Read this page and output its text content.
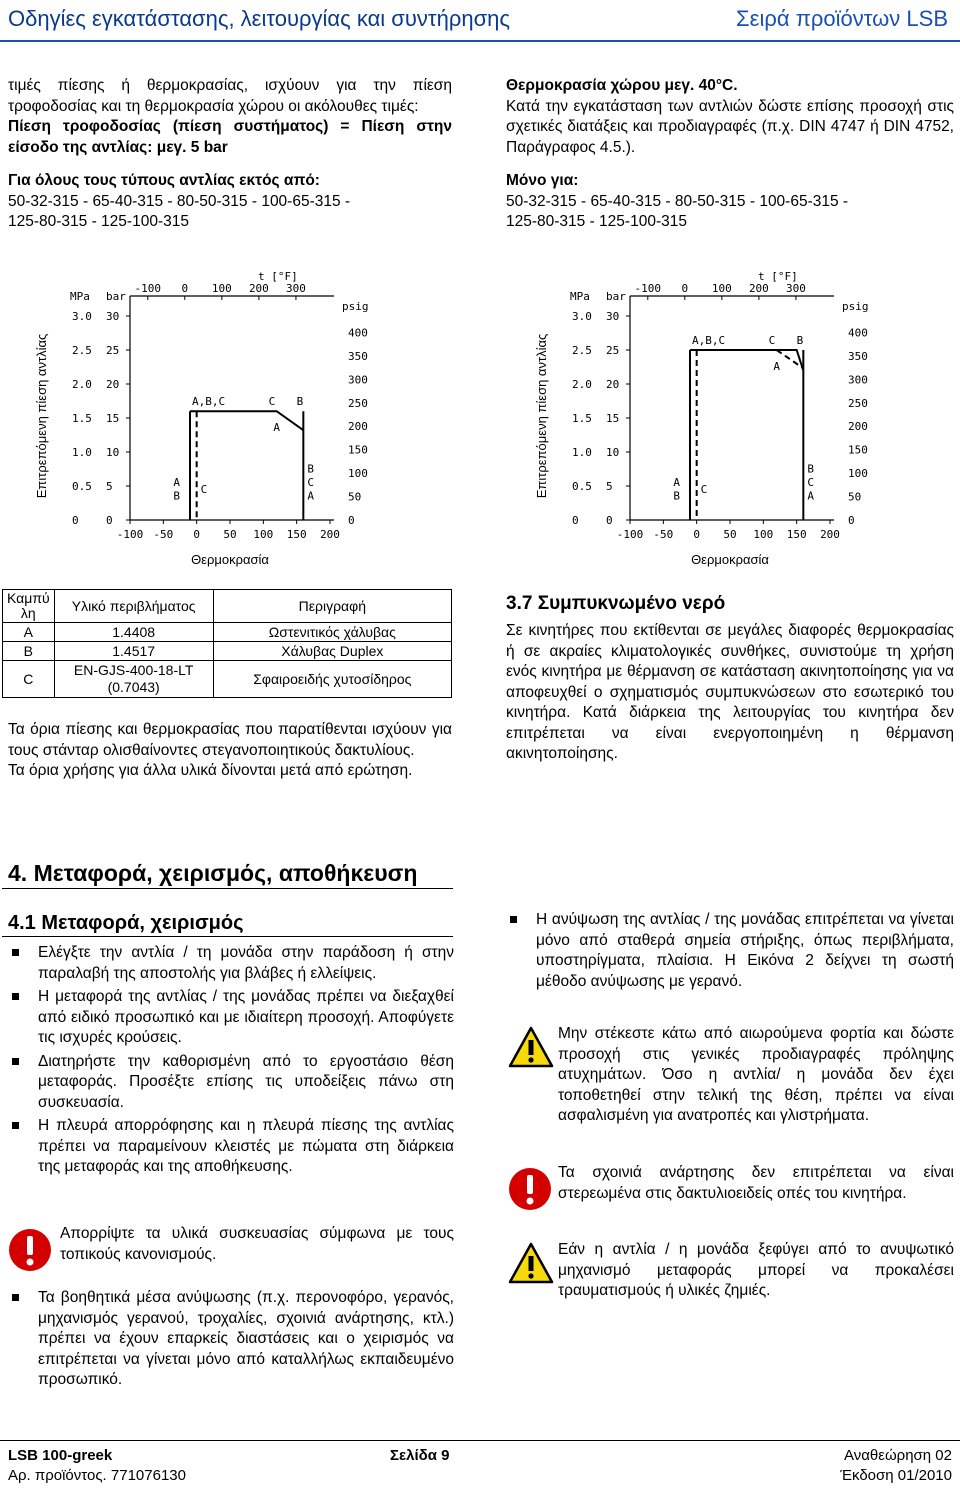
Οδηγίες εγκατάστασης, λειτουργίας και συντήρησης	Σειρά προϊόντων LSB

τιμές πίεσης ή θερμοκρασίας, ισχύουν για την πίεση τροφοδοσίας και τη θερμοκρασία χώρου οι ακόλουθες τιμές:

Πίεση τροφοδοσίας (πίεση συστήματος) = Πίεση στην είσοδο της αντλίας: μεγ. 5 bar

Για όλους τους τύπους αντλίας εκτός από:

50-32-315 - 65-40-315 - 80-50-315 - 100-65-315 -

125-80-315 - 125-100-315

Θερμοκρασία χώρου μεγ. 40°C.

Κατά την εγκατάσταση των αντλιών δώστε επίσης προσοχή στις σχετικές διατάξεις και προδιαγραφές (π.χ. DIN 4747 ή DIN 4752, Παράγραφος 4.5.).

Μόνο για:

50-32-315 - 65-40-315 - 80-50-315 - 100-65-315 -

125-80-315 - 125-100-315

Επιτρεπόμενη πίεση αντλίας
MPa bar
psig
t [°F]
0 0
0.5 5
1.0 10
1.5 15
2.0 20
2.5 25
3.0 30
0
50
100
150
200
250
300
350
400
-100 -50 0 50 100 150 200
-100 0 100 200 300
Θερμοκρασία
A,B,C	C B
A
A
B
C
B
C
A	Επιτρεπόμενη πίεση αντλίας
MPa bar
psig
t [°F]
0 0
0.5 5
1.0 10
1.5 15
2.0 20
2.5 25
3.0 30
0
50
100
150
200
250
300
350
400
-100 -50 0 50 100 150 200
-100 0 100 200 300
Θερμοκρασία
A,B,C	C B
A
A
B
C
B
C
A
Καμπύ
λη	Υλικό περιβλήματος	Περιγραφή
A	1.4408	Ωστενιτικός χάλυβας
B	1.4517	Χάλυβας Duplex
C	EN-GJS-400-18-LT
(0.7043)	Σφαιροειδής χυτοσίδηρος

Τα όρια πίεσης και θερμοκρασίας που παρατίθενται ισχύουν για τους στάνταρ ολισθαίνοντες στεγανοποιητικούς δακτυλίους.

Τα όρια χρήσης για άλλα υλικά δίνονται μετά από ερώτηση.

3.7 Συμπυκνωμένο νερό

Σε κινητήρες που εκτίθενται σε μεγάλες διαφορές θερμοκρασίας ή σε ακραίες κλιματολογικές συνθήκες, συνιστούμε τη χρήση ενός κινητήρα με θέρμανση σε κατάσταση ακινητοποίησης για να αποφευχθεί ο σχηματισμός συμπυκνώσεων στο εσωτερικό του κινητήρα. Κατά διάρκεια της λειτουργίας του κινητήρα δεν επιτρέπεται να είναι ενεργοποιημένη η θέρμανση ακινητοποίησης.

4. Μεταφορά, χειρισμός, αποθήκευση
4.1 Μεταφορά, χειρισμός
Ελέγξτε την αντλία / τη μονάδα στην παράδοση ή στην παραλαβή της αποστολής για βλάβες ή ελλείψεις.
Η μεταφορά της αντλίας / της μονάδας πρέπει να διεξαχθεί από ειδικό προσωπικό και με ιδιαίτερη προσοχή. Αποφύγετε τις ισχυρές κρούσεις.
Διατηρήστε την καθορισμένη από το εργοστάσιο θέση μεταφοράς. Προσέξτε επίσης τις υποδείξεις πάνω στη συσκευασία.
Η πλευρά απορρόφησης και η πλευρά πίεσης της αντλίας πρέπει να παραμείνουν κλειστές με πώματα στη διάρκεια της μεταφοράς και της αποθήκευσης.

Απορρίψτε τα υλικά συσκευασίας σύμφωνα με τους τοπικούς κανονισμούς.

Τα βοηθητικά μέσα ανύψωσης (π.χ. περονοφόρο, γερανός, μηχανισμός γερανού, τροχαλίες, σχοινιά ανάρτησης, κτλ.) πρέπει να έχουν επαρκείς διαστάσεις και ο χειρισμός να επιτρέπεται να γίνεται μόνο από καταλλήλως εκπαιδευμένο προσωπικό.
Η ανύψωση της αντλίας / της μονάδας επιτρέπεται να γίνεται μόνο από σταθερά σημεία στήριξης, όπως περιβλήματα, υποστηρίγματα, πλαίσια. Η Εικόνα 2 δείχνει τη σωστή μέθοδο ανύψωσης με γερανό.

Μην στέκεστε κάτω από αιωρούμενα φορτία και δώστε προσοχή στις γενικές προδιαγραφές πρόληψης ατυχημάτων. Όσο η αντλία/ η μονάδα δεν έχει τοποθετηθεί στην τελική της θέση, πρέπει να είναι ασφαλισμένη για ανατροπές και γλιστρήματα.

Τα σχοινιά ανάρτησης δεν επιτρέπεται να είναι στερεωμένα στις δακτυλιοειδείς οπές του κινητήρα.

Εάν η αντλία / η μονάδα ξεφύγει από το ανυψωτικό μηχανισμό μεταφοράς μπορεί να προκαλέσει τραυματισμούς ή υλικές ζημιές.

LSB 100-greek	Σελίδα 9	Αναθεώρηση 02
Αρ. προϊόντος. 771076130	Έκδοση 01/2010
